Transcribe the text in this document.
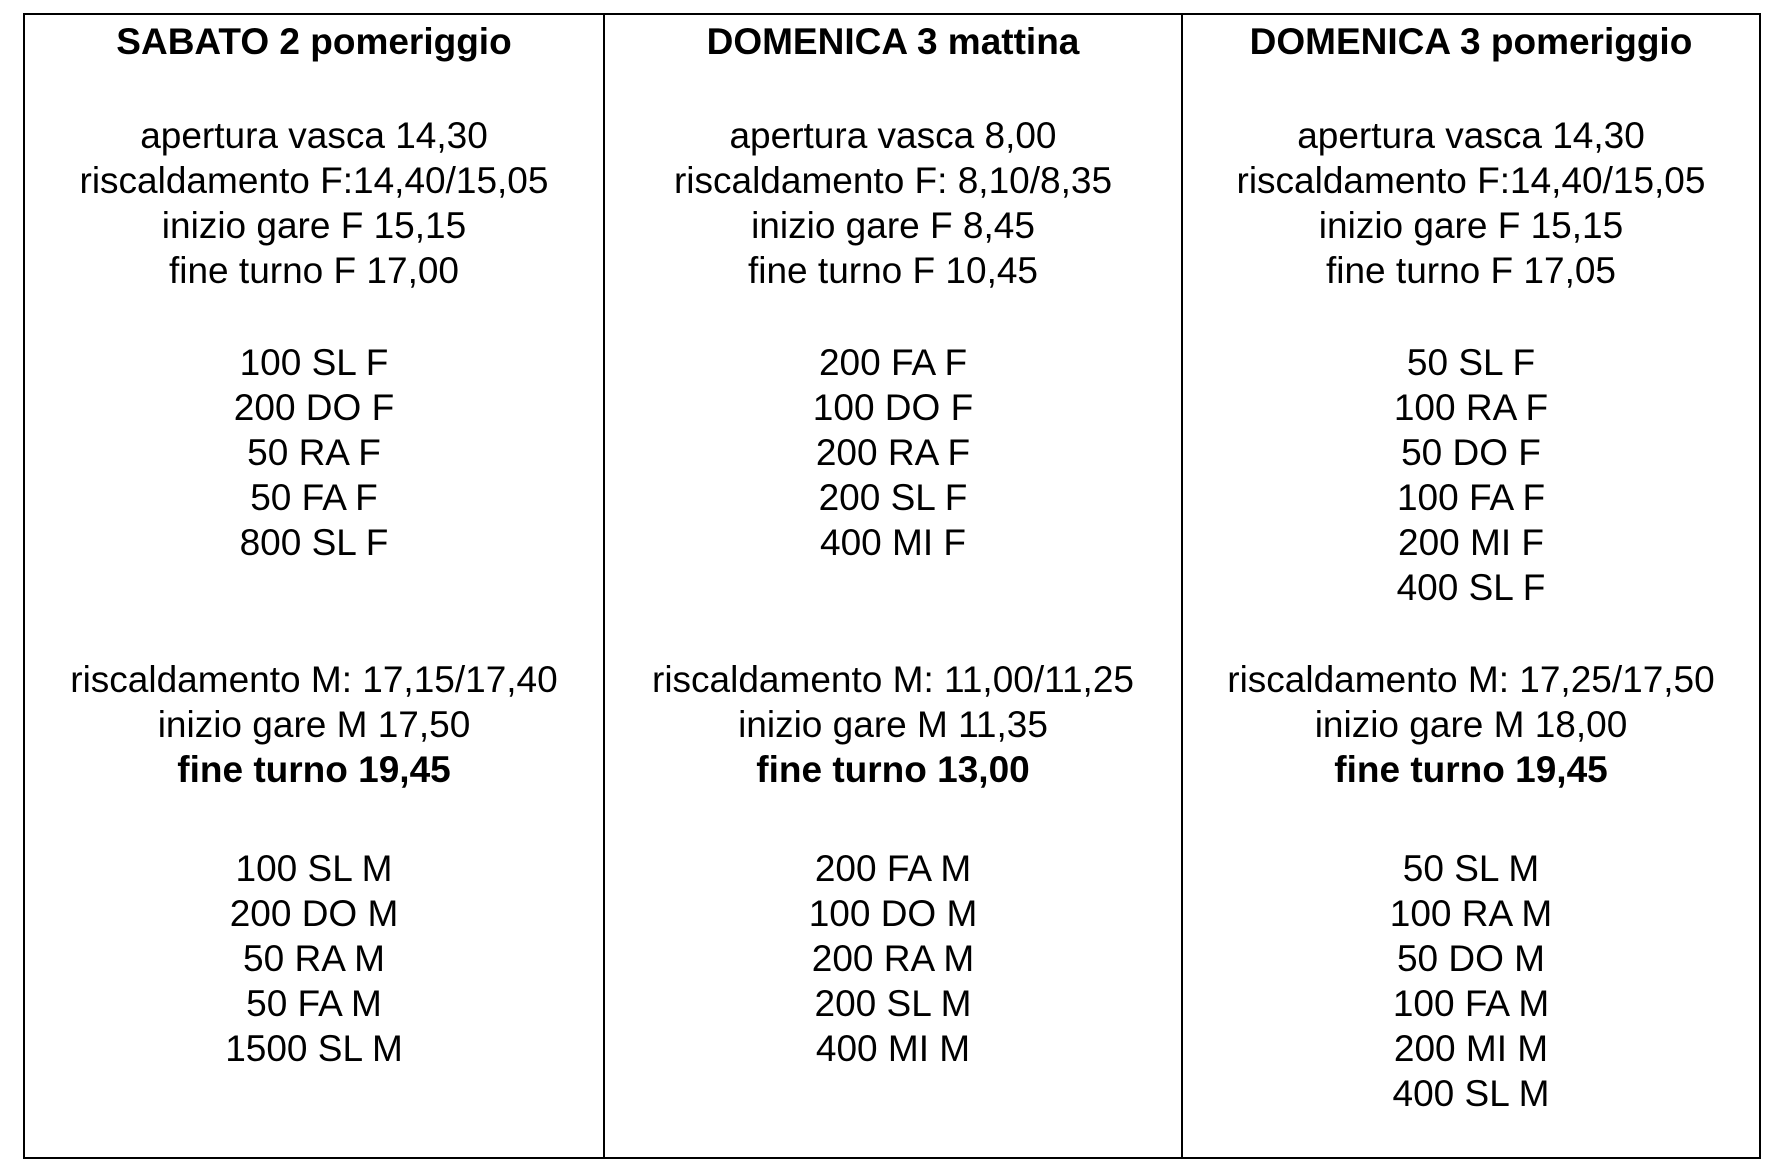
SABATO 2 pomeriggio
apertura vasca 14,30
riscaldamento F:14,40/15,05
inizio gare F 15,15
fine turno F 17,00
100 SL F
200 DO F
50 RA F
50 FA F
800 SL F
riscaldamento M: 17,15/17,40
inizio gare M 17,50
fine turno 19,45
100 SL M
200 DO M
50 RA M
50 FA M
1500 SL M
DOMENICA 3 mattina
apertura vasca 8,00
riscaldamento F: 8,10/8,35
inizio gare F 8,45
fine turno F 10,45
200 FA F
100 DO F
200 RA F
200 SL F
400 MI F
riscaldamento M: 11,00/11,25
inizio gare M 11,35
fine turno 13,00
200 FA M
100 DO M
200 RA M
200 SL M
400 MI M
DOMENICA 3 pomeriggio
apertura vasca 14,30
riscaldamento F:14,40/15,05
inizio gare F 15,15
fine turno F 17,05
50 SL F
100 RA F
50 DO F
100 FA F
200 MI F
400 SL F
riscaldamento M: 17,25/17,50
inizio gare M 18,00
fine turno 19,45
50 SL M
100 RA M
50 DO M
100 FA M
200 MI M
400 SL M
